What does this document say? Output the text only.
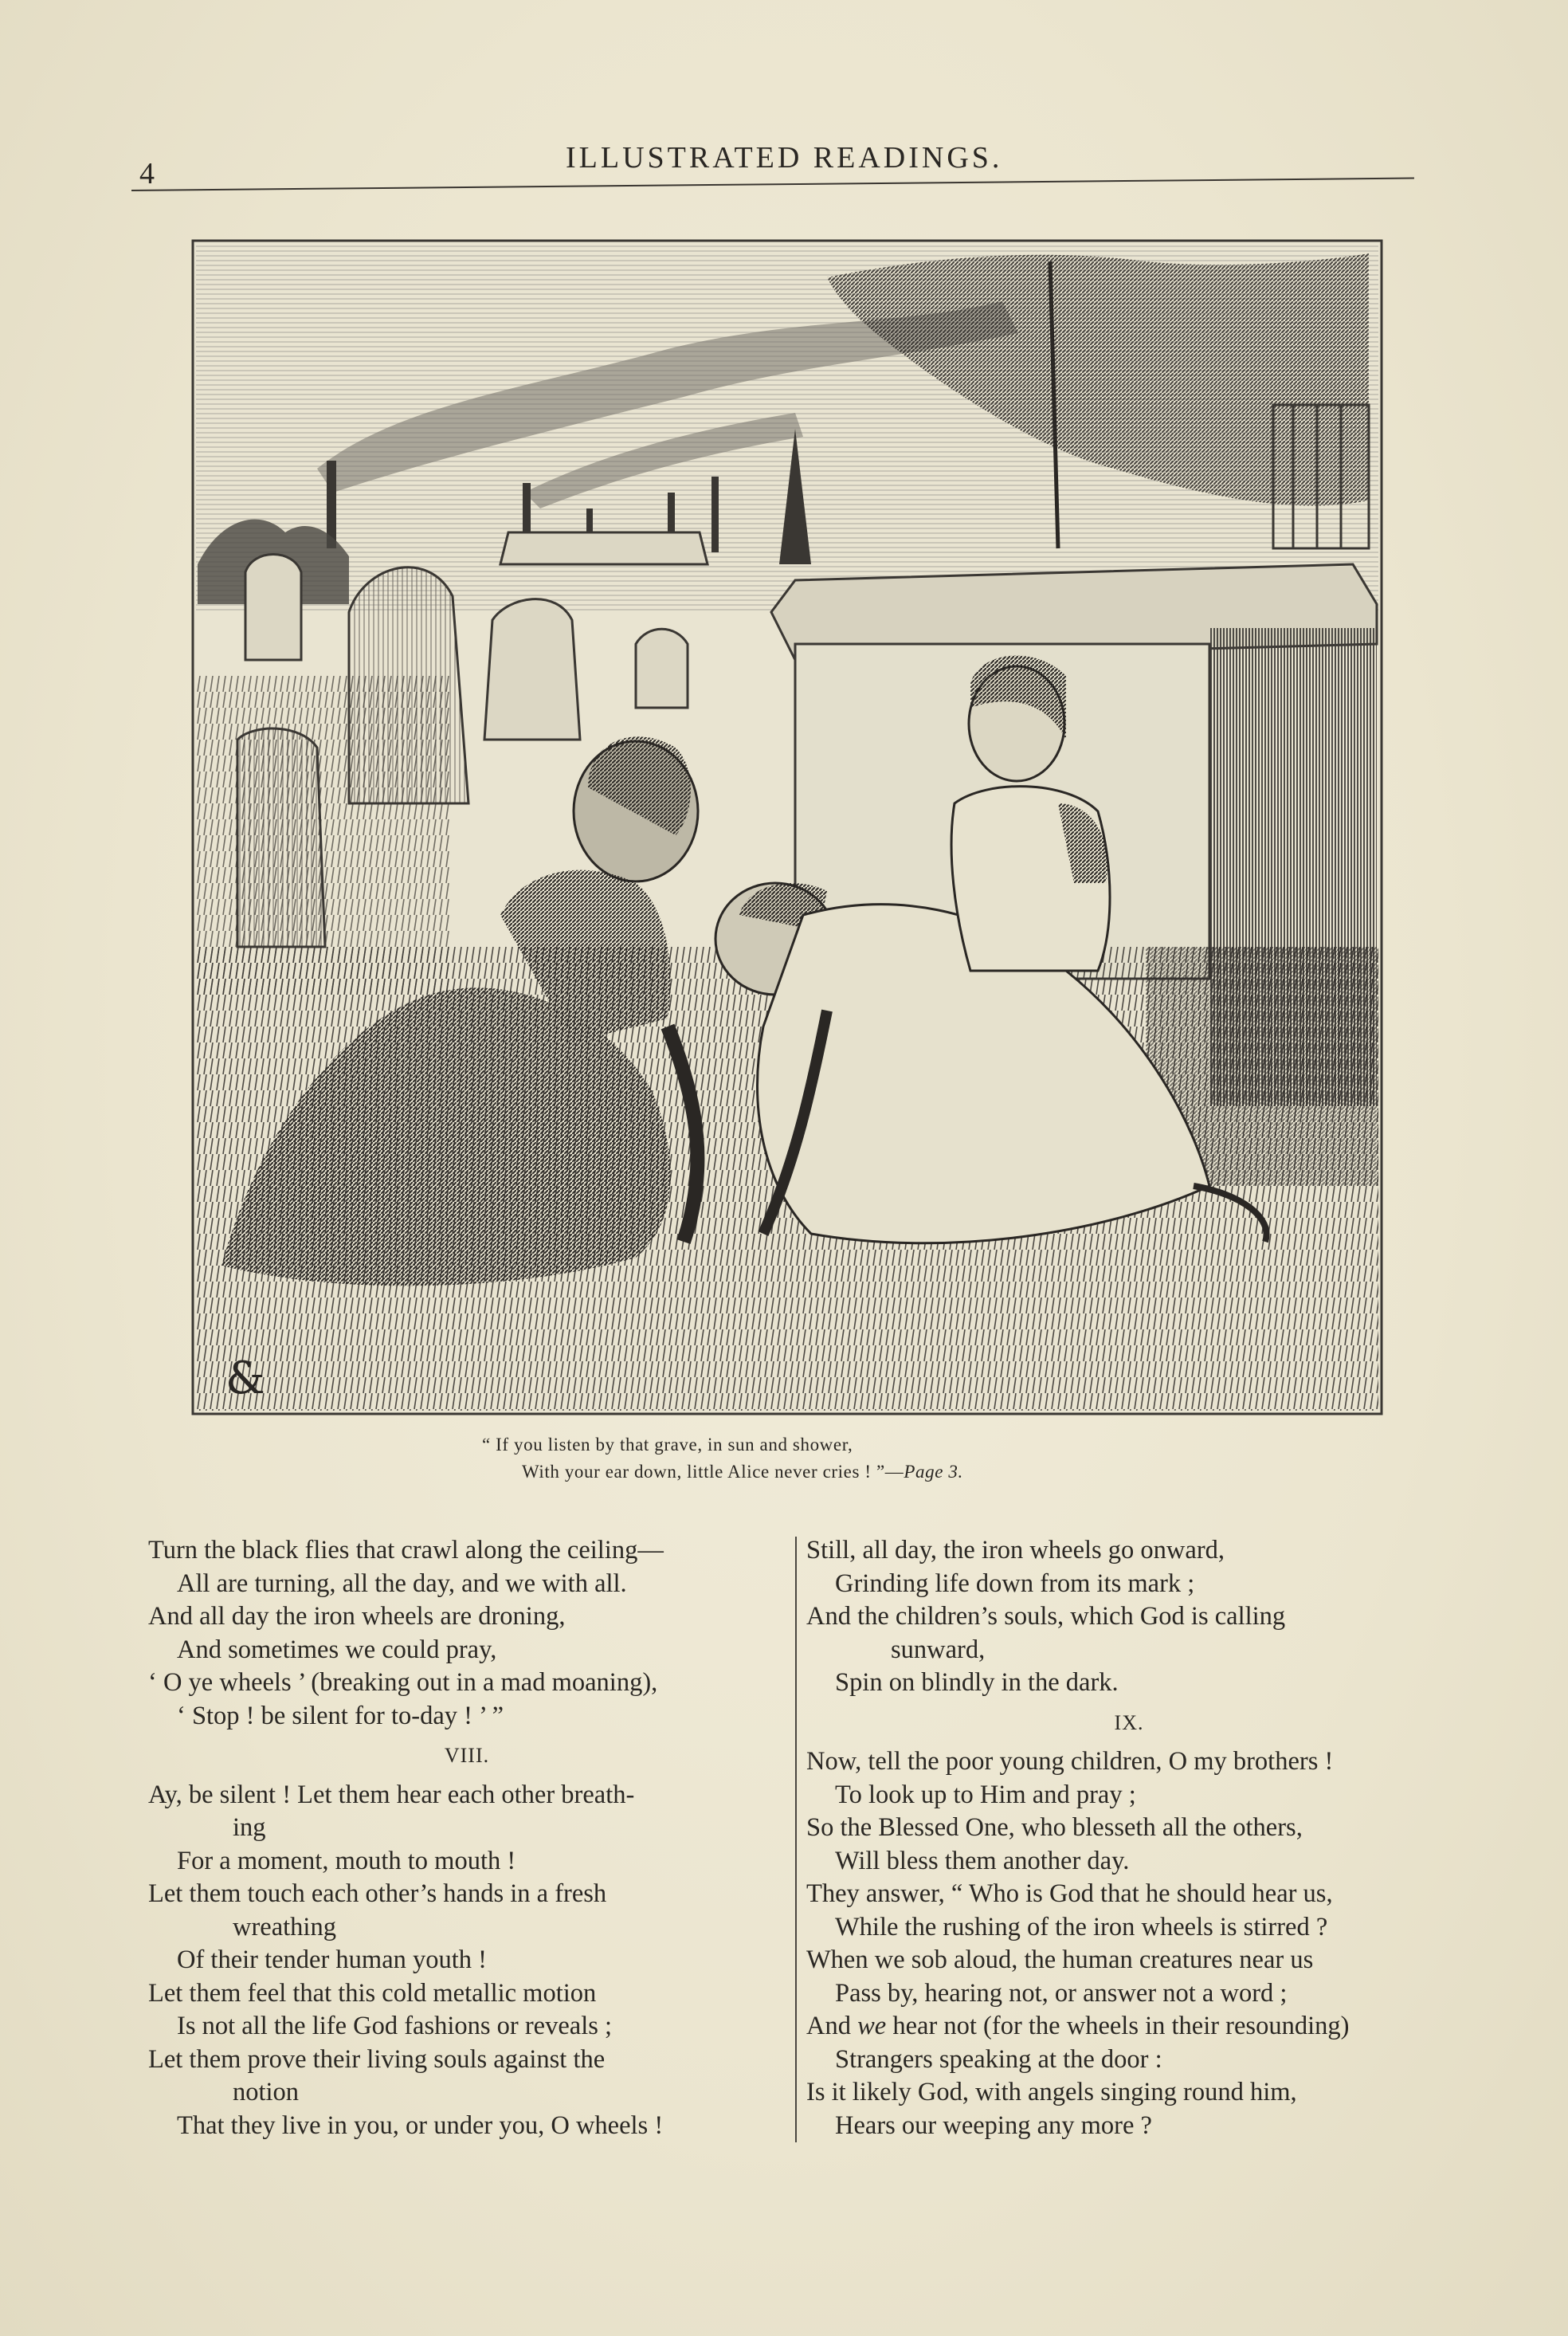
4	ILLUSTRATED READINGS.
&
“ If you listen by that grave, in sun and shower,
With your ear down, little Alice never cries ! ”—Page 3.
Turn the black flies that crawl along the ceiling—
All are turning, all the day, and we with all.
And all day the iron wheels are droning,
And sometimes we could pray,
‘ O ye wheels ’ (breaking out in a mad moaning),
‘ Stop ! be silent for to-day ! ’ ”
VIII.
Ay, be silent ! Let them hear each other breath-
ing
For a moment, mouth to mouth !
Let them touch each other’s hands in a fresh
wreathing
Of their tender human youth !
Let them feel that this cold metallic motion
Is not all the life God fashions or reveals ;
Let them prove their living souls against the
notion
That they live in you, or under you, O wheels !
Still, all day, the iron wheels go onward,
Grinding life down from its mark ;
And the children’s souls, which God is calling
sunward,
Spin on blindly in the dark.
IX.
Now, tell the poor young children, O my brothers !
To look up to Him and pray ;
So the Blessed One, who blesseth all the others,
Will bless them another day.
They answer, “ Who is God that he should hear us,
While the rushing of the iron wheels is stirred ?
When we sob aloud, the human creatures near us
Pass by, hearing not, or answer not a word ;
And we hear not (for the wheels in their resounding)
Strangers speaking at the door :
Is it likely God, with angels singing round him,
Hears our weeping any more ?
